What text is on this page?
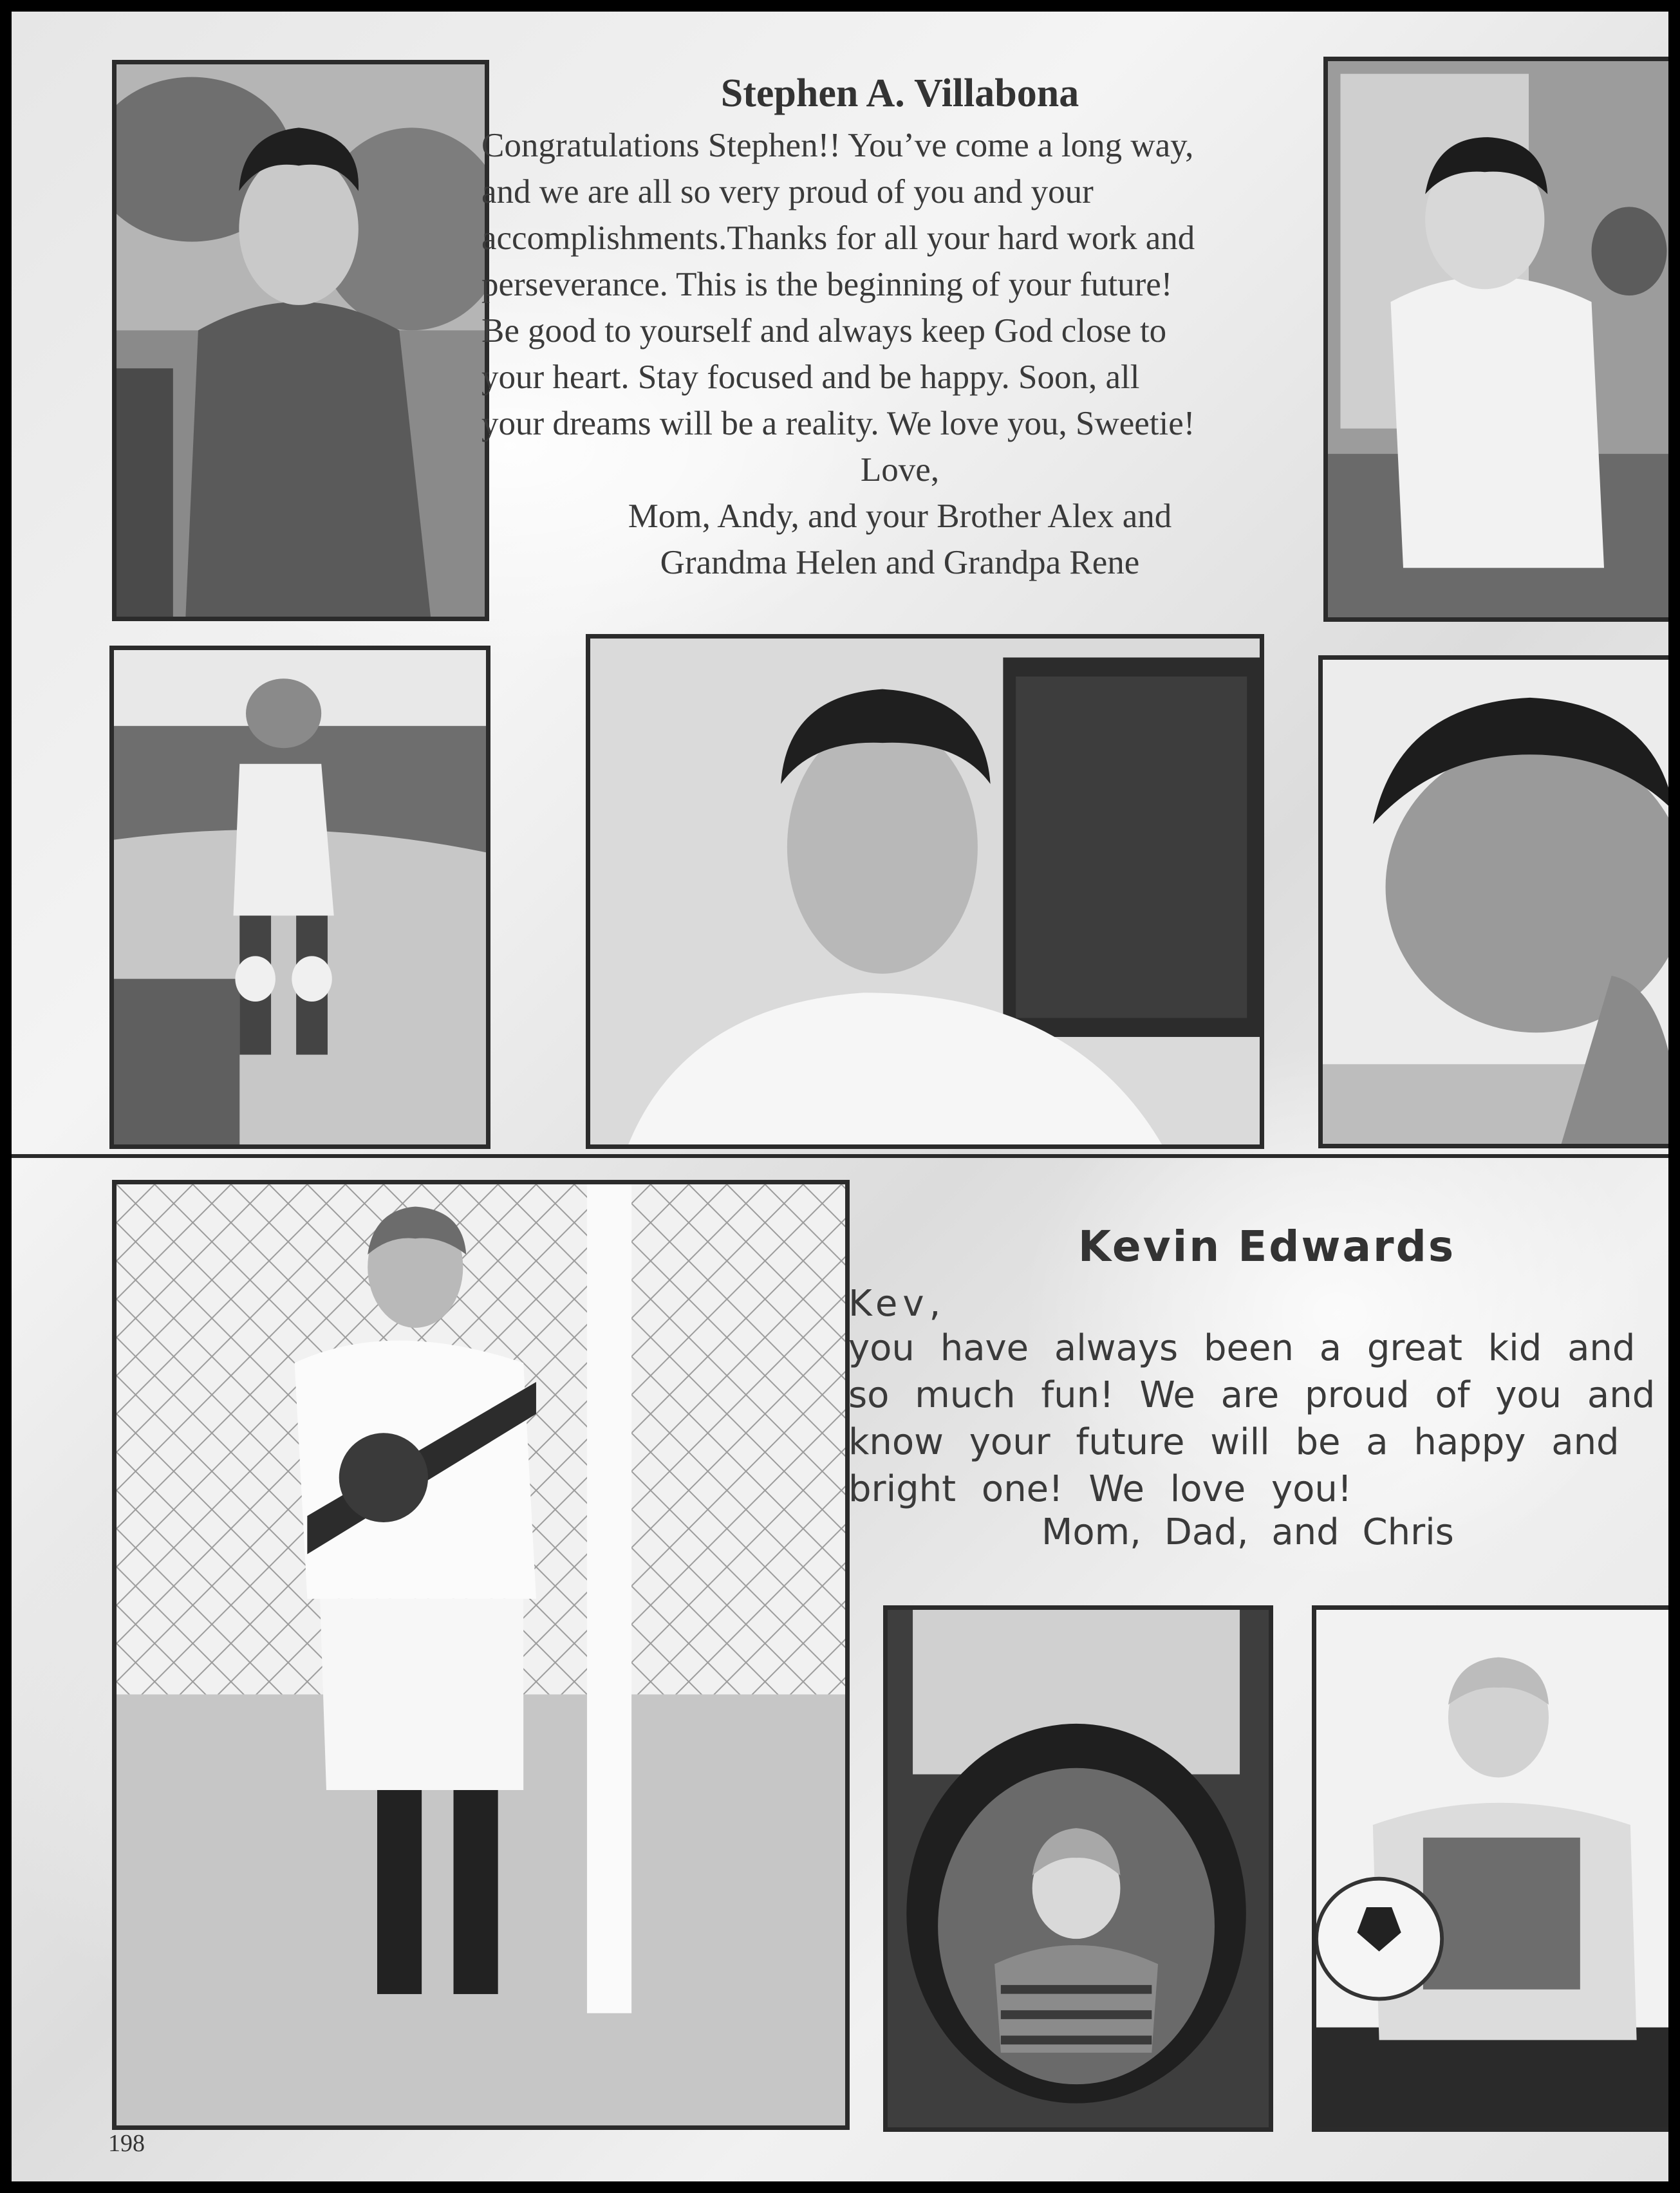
Stephen A. Villabona
Congratulations Stephen!! You’ve come a long way,
and we are all so very proud of you and your
accomplishments.Thanks for all your hard work and
perseverance. This is the beginning of your future!
Be good to yourself and always keep God close to
your heart. Stay focused and be happy. Soon, all
your dreams will be a reality. We love you, Sweetie!
Love,
Mom, Andy, and your Brother Alex and
Grandma Helen and Grandpa Rene
Kevin Edwards

Kev,

you have always been a great kid and
so much fun! We are proud of you and
know your future will be a happy and
bright one! We love you!

Mom, Dad, and Chris

198
